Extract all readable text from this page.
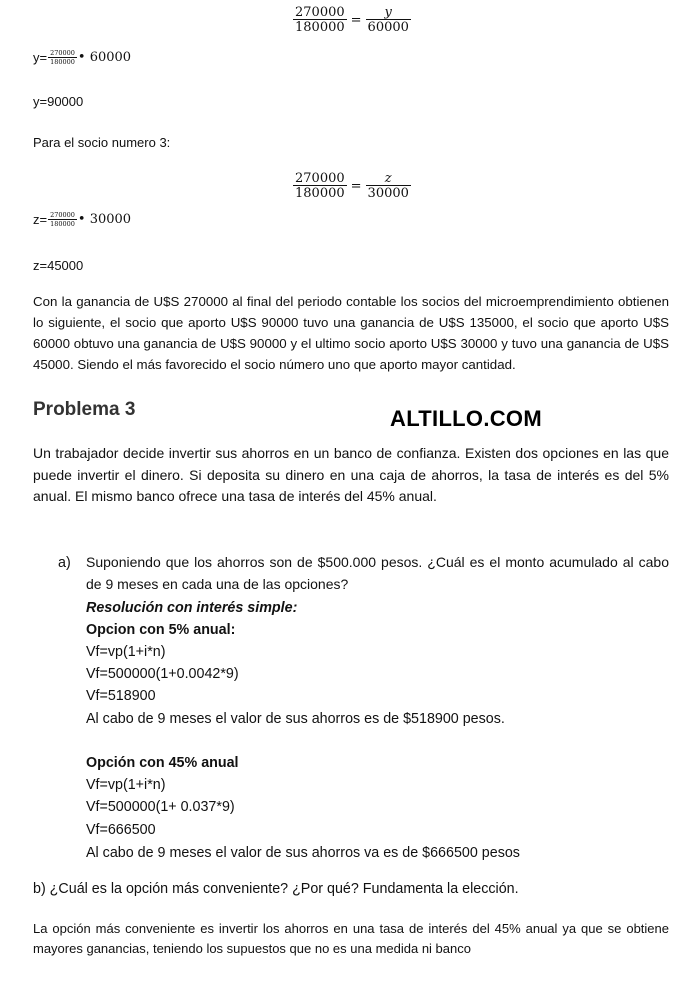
$\frac{270000}{180000} = \frac{y}{60000}$
$y= \frac{270000}{180000}$ • 60000
y=90000
Para el socio numero 3:
$\frac{270000}{180000} = \frac{z}{30000}$
$z= \frac{270000}{180000}$ • 30000
z=45000
Con la ganancia de U$S 270000 al final del periodo contable los socios del microemprendimiento obtienen lo siguiente, el socio que aporto U$S 90000 tuvo una ganancia de U$S 135000, el socio que aporto U$S 60000 obtuvo una ganancia de U$S 90000 y el ultimo socio aporto U$S 30000 y tuvo una ganancia de U$S 45000. Siendo el más favorecido el socio número uno que aporto mayor cantidad.
Problema 3	ALTILLO.COM
Un trabajador decide invertir sus ahorros en un banco de confianza. Existen dos opciones en las que puede invertir el dinero. Si deposita su dinero en una caja de ahorros, la tasa de interés es del 5% anual. El mismo banco ofrece una tasa de interés del 45% anual.
a) Suponiendo que los ahorros son de $500.000 pesos. ¿Cuál es el monto acumulado al cabo de 9 meses en cada una de las opciones?
Resolución con interés simple:
Opcion con 5% anual:
Vf=vp(1+i*n)
Vf=500000(1+0.0042*9)
Vf=518900
Al cabo de 9 meses el valor de sus ahorros es de $518900 pesos.
Opción con 45% anual
Vf=vp(1+i*n)
Vf=500000(1+ 0.037*9)
Vf=666500
Al cabo de 9 meses el valor de sus ahorros va es de $666500 pesos
b) ¿Cuál es la opción más conveniente? ¿Por qué? Fundamenta la elección.
La opción más conveniente es invertir los ahorros en una tasa de interés del 45% anual ya que se obtiene mayores ganancias, teniendo los supuestos que no es una medida ni banco
